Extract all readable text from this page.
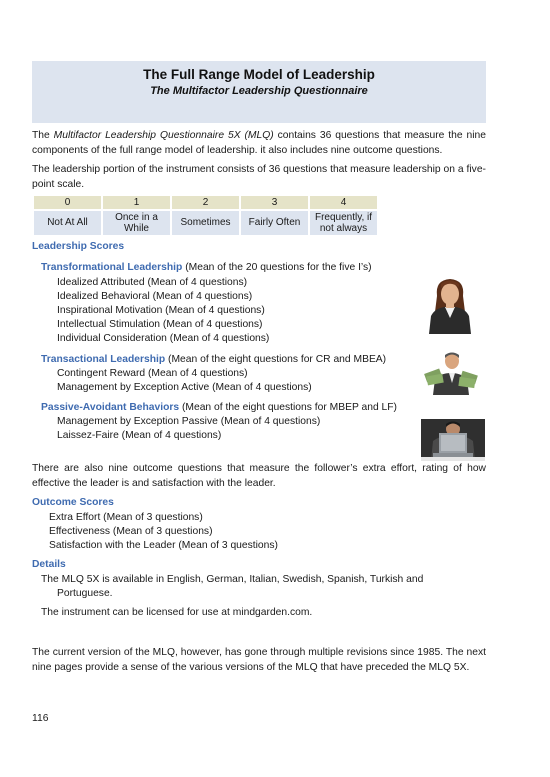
The Full Range Model of Leadership
The Multifactor Leadership Questionnaire
The Multifactor Leadership Questionnaire 5X (MLQ) contains 36 questions that measure the nine components of the full range model of leadership. it also includes nine outcome questions.
The leadership portion of the instrument consists of 36 questions that measure leadership on a five-point scale.
0	1	2	3	4
Not At All	Once in a While	Sometimes	Fairly Often	Frequently, if not always
Leadership Scores
Transformational Leadership (Mean of the 20 questions for the five I’s)
Idealized Attributed (Mean of 4 questions)
Idealized Behavioral (Mean of 4 questions)
Inspirational Motivation (Mean of 4 questions)
Intellectual Stimulation (Mean of 4 questions)
Individual Consideration (Mean of 4 questions)
Transactional Leadership (Mean of the eight questions for CR and MBEA)
Contingent Reward (Mean of 4 questions)
Management by Exception Active (Mean of 4 questions)
Passive-Avoidant Behaviors (Mean of the eight questions for MBEP and LF)
Management by Exception Passive (Mean of 4 questions)
Laissez-Faire (Mean of 4 questions)
There are also nine outcome questions that measure the follower’s extra effort, rating of how effective the leader is and satisfaction with the leader.
Outcome Scores
Extra Effort (Mean of 3 questions)
Effectiveness (Mean of 3 questions)
Satisfaction with the Leader (Mean of 3 questions)
Details
The MLQ 5X is available in English, German, Italian, Swedish, Spanish, Turkish and
Portuguese.
The instrument can be licensed for use at mindgarden.com.
The current version of the MLQ, however, has gone through multiple revisions since 1985. The next nine pages provide a sense of the various versions of the MLQ that have preceded the MLQ 5X.
116
